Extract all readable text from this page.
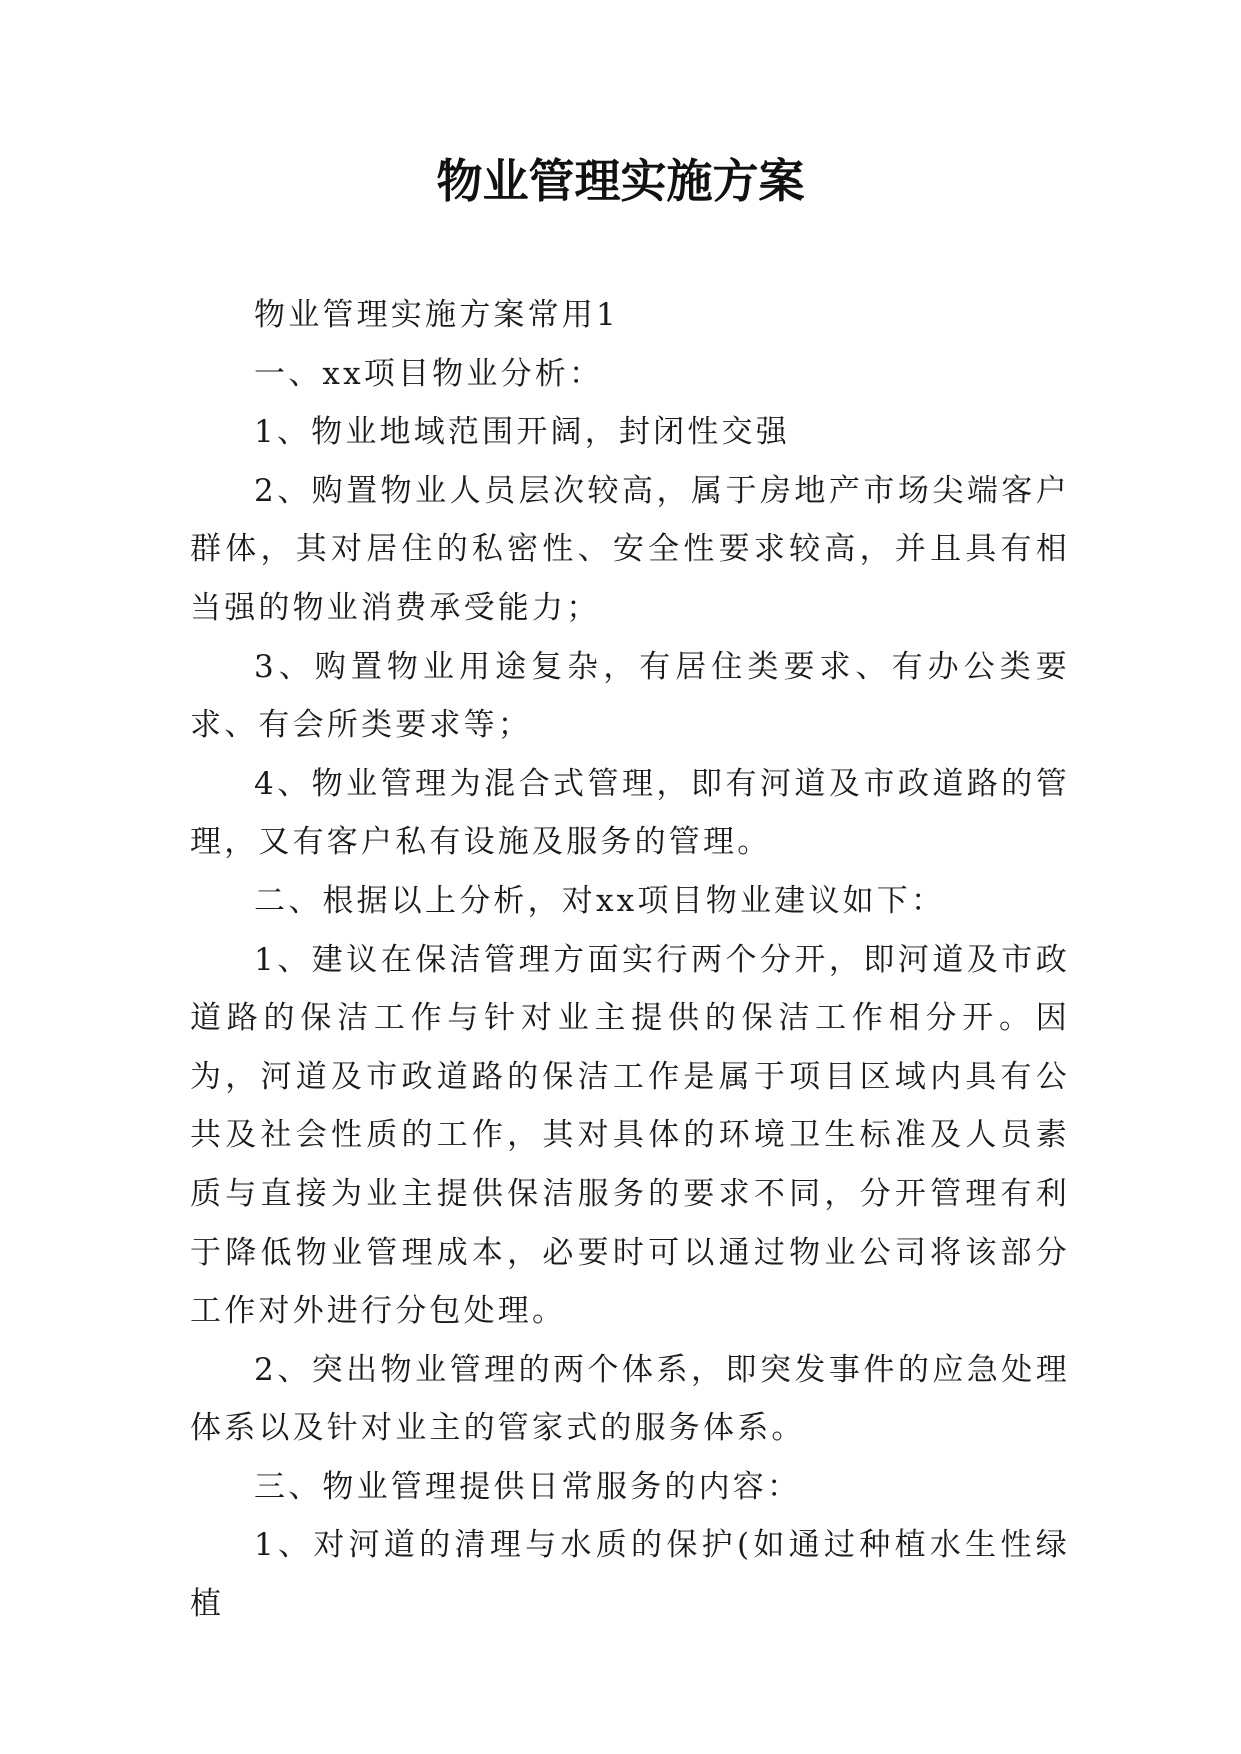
物业管理实施方案

物业管理实施方案常用1

一、xx项目物业分析：

1、物业地域范围开阔，封闭性交强

2、购置物业人员层次较高，属于房地产市场尖端客户群体，其对居住的私密性、安全性要求较高，并且具有相当强的物业消费承受能力；

3、购置物业用途复杂，有居住类要求、有办公类要求、有会所类要求等；

4、物业管理为混合式管理，即有河道及市政道路的管理，又有客户私有设施及服务的管理。

二、根据以上分析，对xx项目物业建议如下：

1、建议在保洁管理方面实行两个分开，即河道及市政道路的保洁工作与针对业主提供的保洁工作相分开。因为，河道及市政道路的保洁工作是属于项目区域内具有公共及社会性质的工作，其对具体的环境卫生标准及人员素质与直接为业主提供保洁服务的要求不同，分开管理有利于降低物业管理成本，必要时可以通过物业公司将该部分工作对外进行分包处理。

2、突出物业管理的两个体系，即突发事件的应急处理体系以及针对业主的管家式的服务体系。

三、物业管理提供日常服务的内容：

1、对河道的清理与水质的保护(如通过种植水生性绿植
